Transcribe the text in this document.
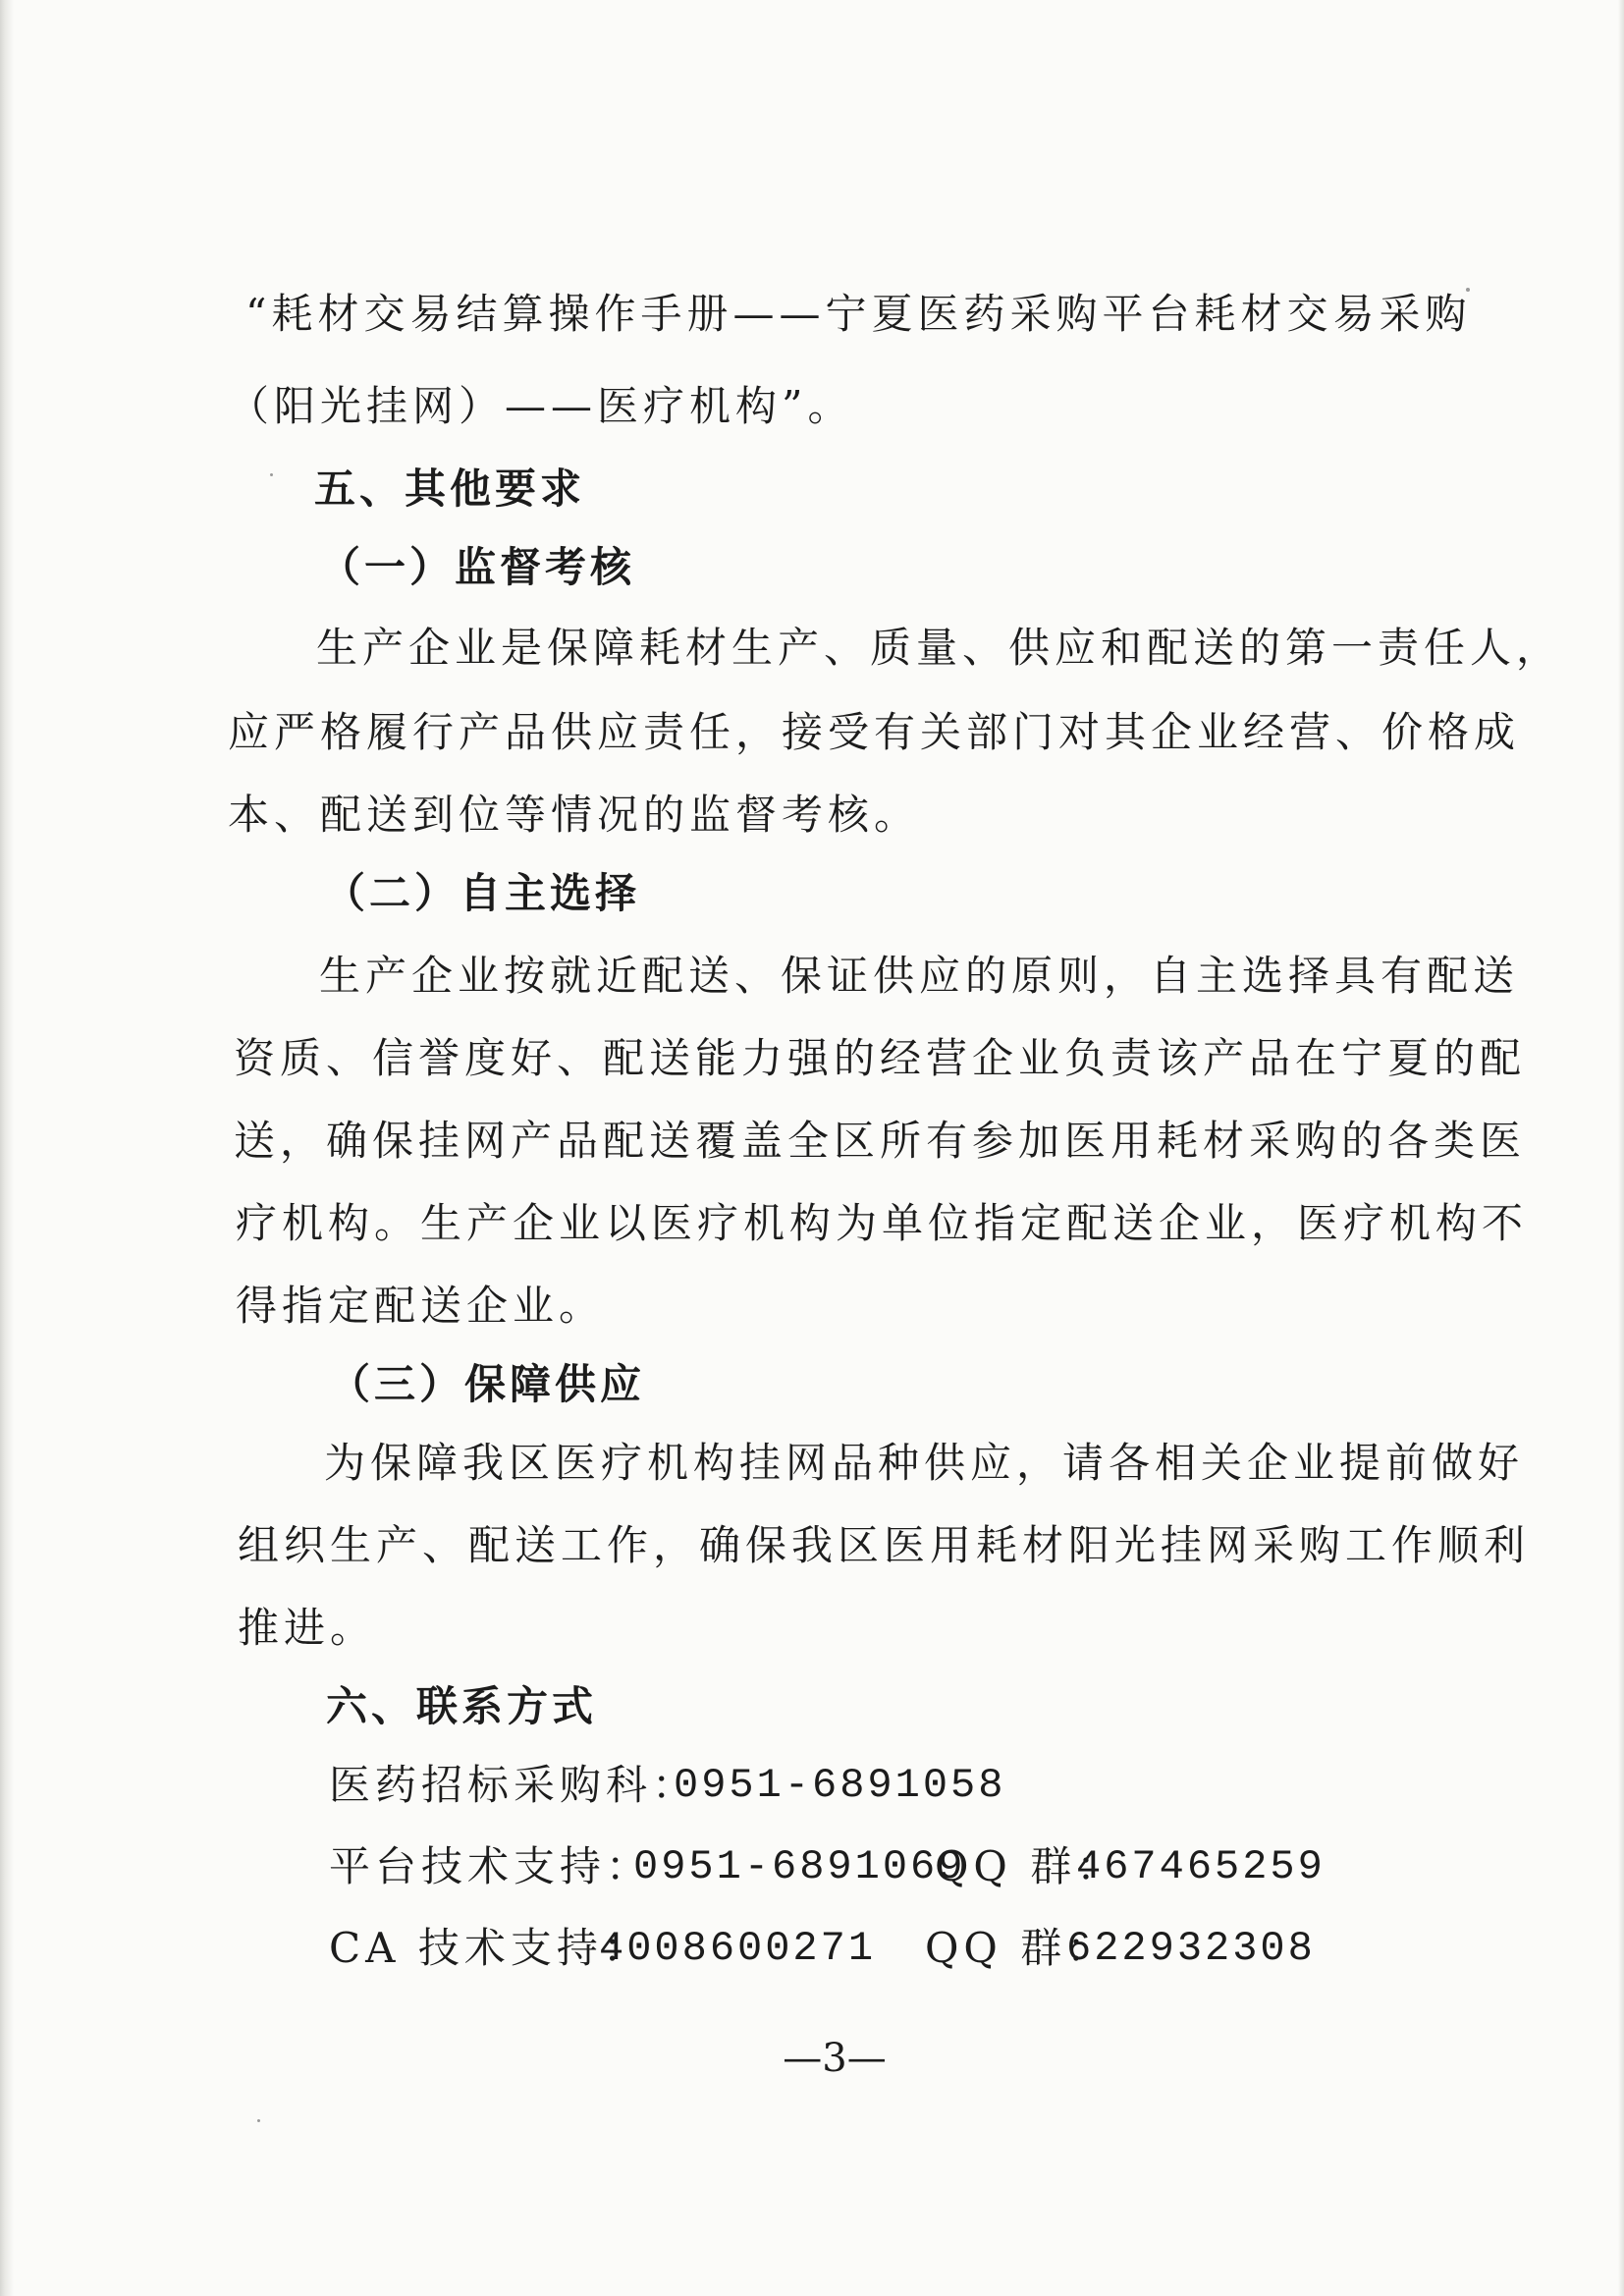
“耗材交易结算操作手册——宁夏医药采购平台耗材交易采购
（阳光挂网）——医疗机构”。
五、其他要求
（一）监督考核
生产企业是保障耗材生产、质量、供应和配送的第一责任人，
应严格履行产品供应责任，接受有关部门对其企业经营、价格成
本、配送到位等情况的监督考核。
（二）自主选择
生产企业按就近配送、保证供应的原则，自主选择具有配送
资质、信誉度好、配送能力强的经营企业负责该产品在宁夏的配
送，确保挂网产品配送覆盖全区所有参加医用耗材采购的各类医
疗机构。生产企业以医疗机构为单位指定配送企业，医疗机构不
得指定配送企业。
（三）保障供应
为保障我区医疗机构挂网品种供应，请各相关企业提前做好
组织生产、配送工作，确保我区医用耗材阳光挂网采购工作顺利
推进。
六、联系方式
医药招标采购科：
0951-6891058
平台技术支持：
0951-6891069
QQ 群：
467465259
CA 技术支持：
4008600271 QQ 群：
622932308
—3—
